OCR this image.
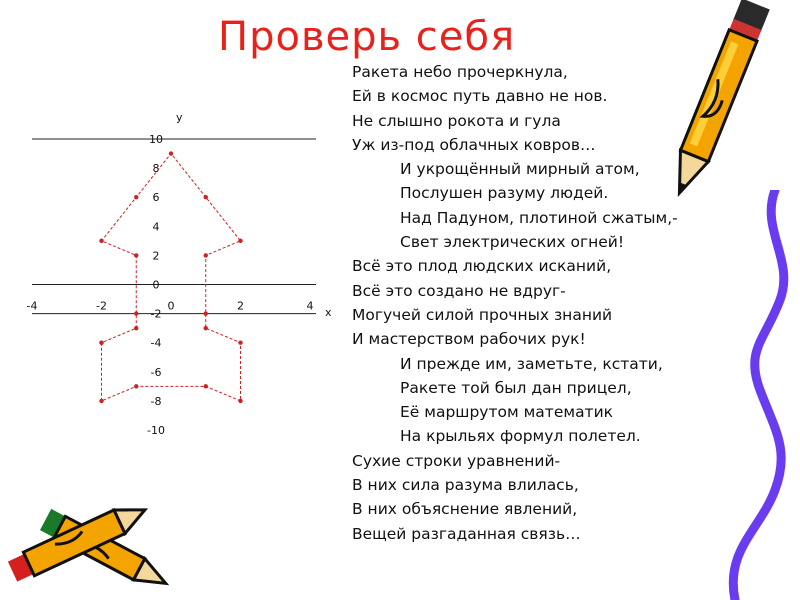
10
8
6
4
2
0
-2
-4
-6
-8
-10
-4	-2	0	2	4
y
x
Проверь себя
Ракета небо прочеркнула,
Ей в космос путь давно не нов.
Не слышно рокота и гула
Уж из-под облачных ковров…
И укрощённый мирный атом,
Послушен разуму людей.
Над Падуном, плотиной сжатым,-
Свет электрических огней!
Всё это плод людских исканий,
Всё это создано не вдруг-
Могучей силой прочных знаний
И мастерством рабочих рук!
И прежде им, заметьте, кстати,
Ракете той был дан прицел,
Её маршрутом математик
На крыльях формул полетел.
Сухие строки уравнений-
В них сила разума влилась,
В них объяснение явлений,
Вещей разгаданная связь…
